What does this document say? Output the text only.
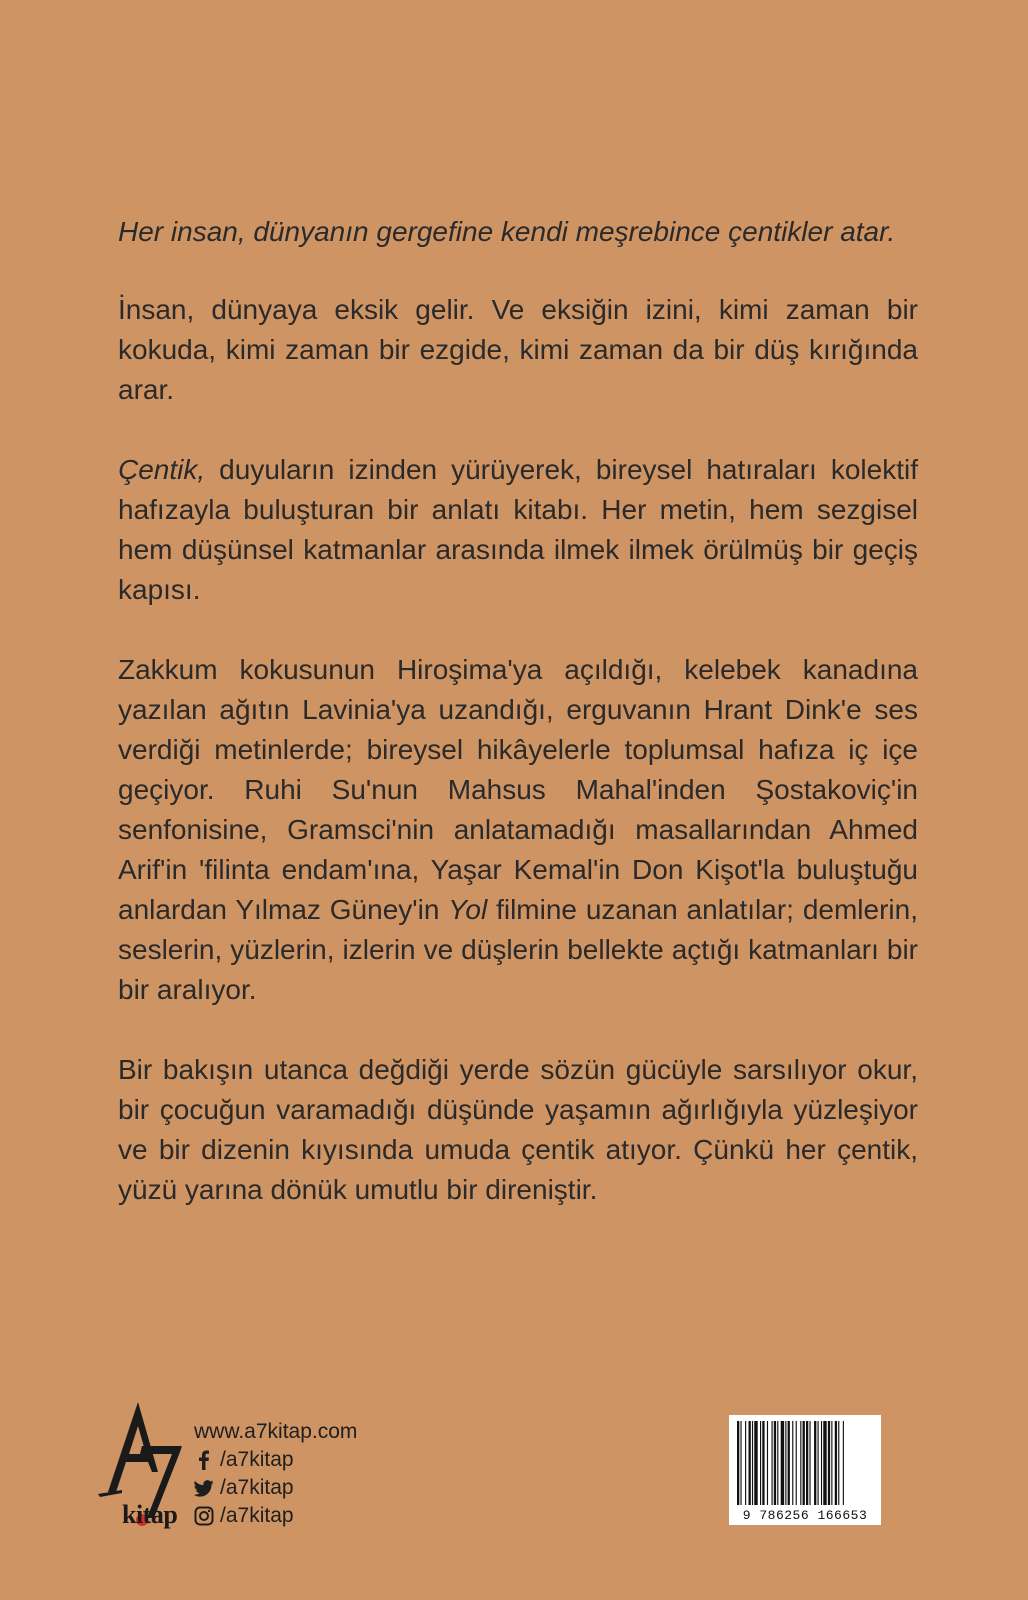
Her insan, dünyanın gergefine kendi meşrebince çentikler atar.

İnsan, dünyaya eksik gelir. Ve eksiğin izini, kimi zaman bir kokuda, kimi zaman bir ezgide, kimi zaman da bir düş kırığında arar.

Çentik, duyuların izinden yürüyerek, bireysel hatıraları kolektif hafızayla buluşturan bir anlatı kitabı. Her metin, hem sezgisel hem düşünsel katmanlar arasında ilmek ilmek örülmüş bir geçiş kapısı.

Zakkum kokusunun Hiroşima'ya açıldığı, kelebek kanadına yazılan ağıtın Lavinia'ya uzandığı, erguvanın Hrant Dink'e ses verdiği metinlerde; bireysel hikâyelerle toplumsal hafıza iç içe geçiyor. Ruhi Su'nun Mahsus Mahal'inden Şostakoviç'in senfonisine, Gramsci'nin anlatamadığı masallarından Ahmed Arif'in 'filinta endam'ına, Yaşar Kemal'in Don Kişot'la buluştuğu anlardan Yılmaz Güney'in Yol filmine uzanan anlatılar; demlerin, seslerin, yüzlerin, izlerin ve düşlerin bellekte açtığı katmanları bir bir aralıyor.

Bir bakışın utanca değdiği yerde sözün gücüyle sarsılıyor okur, bir çocuğun varamadığı düşünde yaşamın ağırlığıyla yüzleşiyor ve bir dizenin kıyısında umuda çentik atıyor. Çünkü her çentik, yüzü yarına dönük umutlu bir direniştir.

kitap
www.a7kitap.com
/a7kitap
/a7kitap
/a7kitap	9 786256 166653
